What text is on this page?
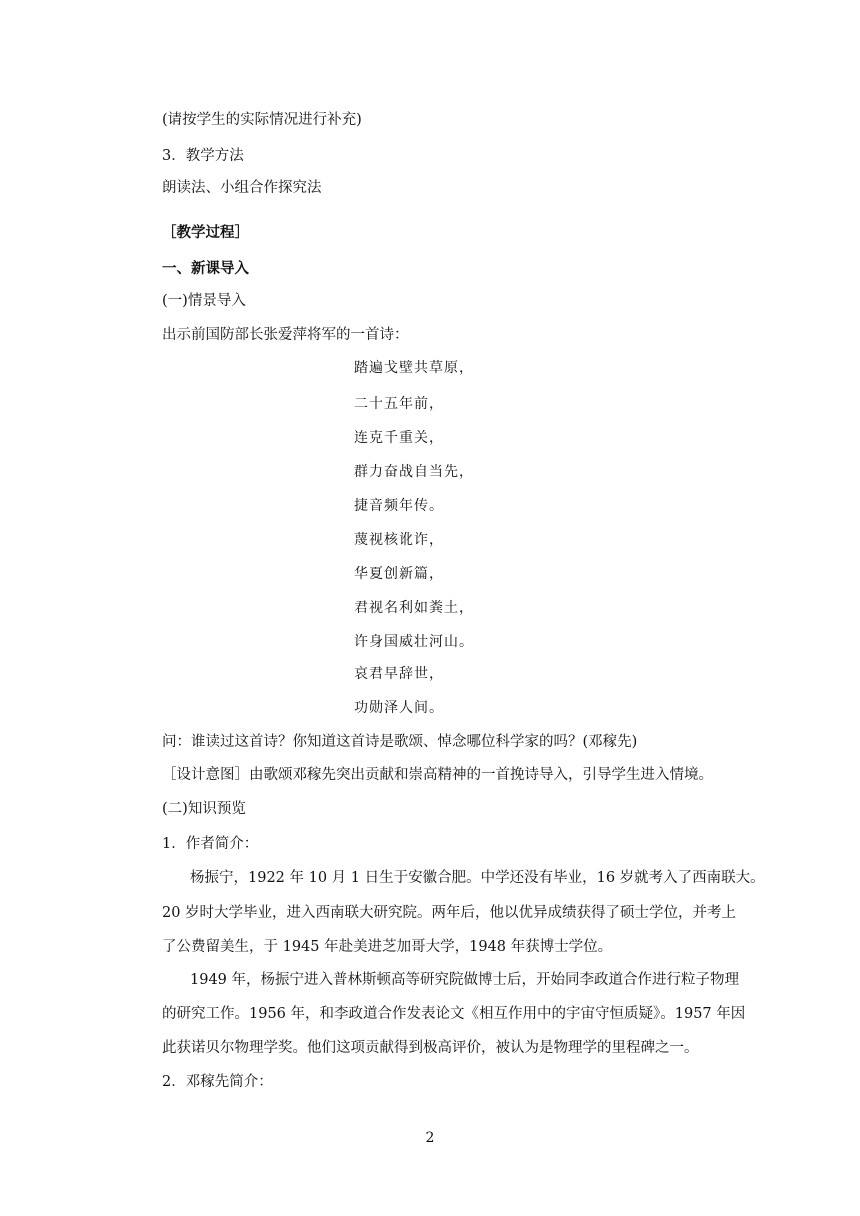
(请按学生的实际情况进行补充)
3．教学方法
朗读法、小组合作探究法
［教学过程］
一、新课导入
(一)情景导入
出示前国防部长张爱萍将军的一首诗：
踏遍戈壁共草原，
二十五年前，
连克千重关，
群力奋战自当先，
捷音频年传。
蔑视核讹诈，
华夏创新篇，
君视名利如粪土，
许身国威壮河山。
哀君早辞世，
功勋泽人间。
问：谁读过这首诗？你知道这首诗是歌颂、悼念哪位科学家的吗？(邓稼先)
［设计意图］由歌颂邓稼先突出贡献和崇高精神的一首挽诗导入，引导学生进入情境。
(二)知识预览
1．作者简介：
杨振宁，1922 年 10 月 1 日生于安徽合肥。中学还没有毕业，16 岁就考入了西南联大。
20 岁时大学毕业，进入西南联大研究院。两年后，他以优异成绩获得了硕士学位，并考上
了公费留美生，于 1945 年赴美进芝加哥大学，1948 年获博士学位。
1949 年，杨振宁进入普林斯顿高等研究院做博士后，开始同李政道合作进行粒子物理
的研究工作。1956 年，和李政道合作发表论文《相互作用中的宇宙守恒质疑》。1957 年因
此获诺贝尔物理学奖。他们这项贡献得到极高评价，被认为是物理学的里程碑之一。
2．邓稼先简介：
2
